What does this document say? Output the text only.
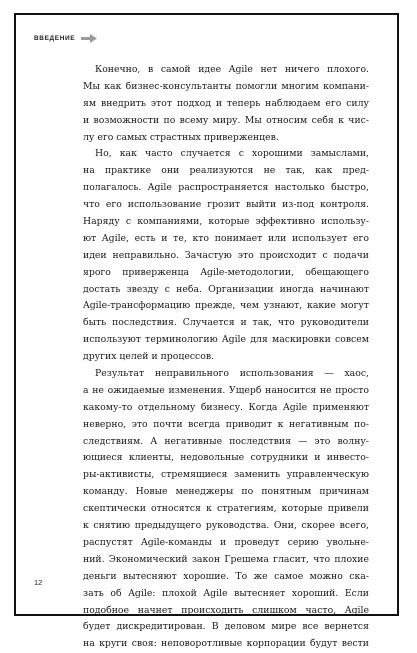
ВВЕДЕНИЕ
Конечно, в самой идее Agile нет ничего плохого.
Мы как бизнес-консультанты помогли многим компани-
ям внедрить этот подход и теперь наблюдаем его силу
и возможности по всему миру. Мы относим себя к чис-
лу его самых страстных приверженцев.
Но, как часто случается с хорошими замыслами,
на практике они реализуются не так, как пред-
полагалось. Agile распространяется настолько быстро,
что его использование грозит выйти из-под контроля.
Наряду с компаниями, которые эффективно использу-
ют Agile, есть и те, кто понимает или использует его
идеи неправильно. Зачастую это происходит с подачи
ярого приверженца Agile-методологии, обещающего
достать звезду с неба. Организации иногда начинают
Agile-трансформацию прежде, чем узнают, какие могут
быть последствия. Случается и так, что руководители
используют терминологию Agile для маскировки совсем
других целей и процессов.
Результат неправильного использования — хаос,
а не ожидаемые изменения. Ущерб наносится не просто
какому-то отдельному бизнесу. Когда Agile применяют
неверно, это почти всегда приводит к негативным по-
следствиям. А негативные последствия — это волну-
ющиеся клиенты, недовольные сотрудники и инвесто-
ры-активисты, стремящиеся заменить управленческую
команду. Новые менеджеры по понятным причинам
скептически относятся к стратегиям, которые привели
к снятию предыдущего руководства. Они, скорее всего,
распустят Agile-команды и проведут серию увольне-
ний. Экономический закон Грешема гласит, что плохие
деньги вытесняют хорошие. То же самое можно ска-
зать об Agile: плохой Agile вытесняет хороший. Если
подобное начнет происходить слишком часто, Agile
будет дискредитирован. В деловом мире все вернется
на круги своя: неповоротливые корпорации будут вести
12
